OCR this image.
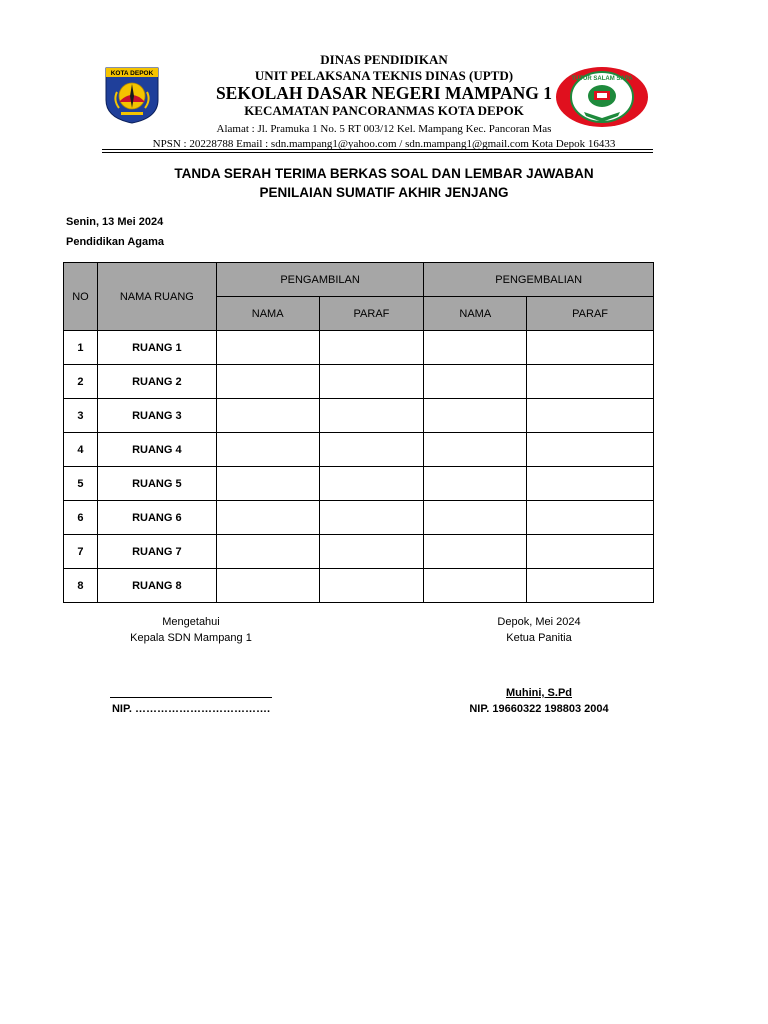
DINAS PENDIDIKAN
UNIT PELAKSANA TEKNIS DINAS (UPTD)
SEKOLAH DASAR NEGERI MAMPANG 1
KECAMATAN PANCORANMAS KOTA DEPOK
Alamat : Jl. Pramuka 1 No. 5 RT 003/12 Kel. Mampang Kec. Pancoran Mas
NPSN : 20228788 Email : sdn.mampang1@yahoo.com / sdn.mampang1@gmail.com Kota Depok 16433
KOTA DEPOK
TUTUR SALAM SAPA
TANDA SERAH TERIMA BERKAS SOAL DAN LEMBAR JAWABAN
PENILAIAN SUMATIF AKHIR JENJANG
Senin, 13 Mei 2024
Pendidikan Agama
NO	NAMA RUANG	PENGAMBILAN		PENGEMBALIAN	
		NAMA	PARAF	NAMA	PARAF
1	RUANG 1				
2	RUANG 2				
3	RUANG 3				
4	RUANG 4				
5	RUANG 5				
6	RUANG 6				
7	RUANG 7				
8	RUANG 8				
Mengetahui
Kepala SDN Mampang 1
NIP. ……………………………….
Depok, Mei 2024
Ketua Panitia
Muhini, S.Pd
NIP. 19660322 198803 2004
